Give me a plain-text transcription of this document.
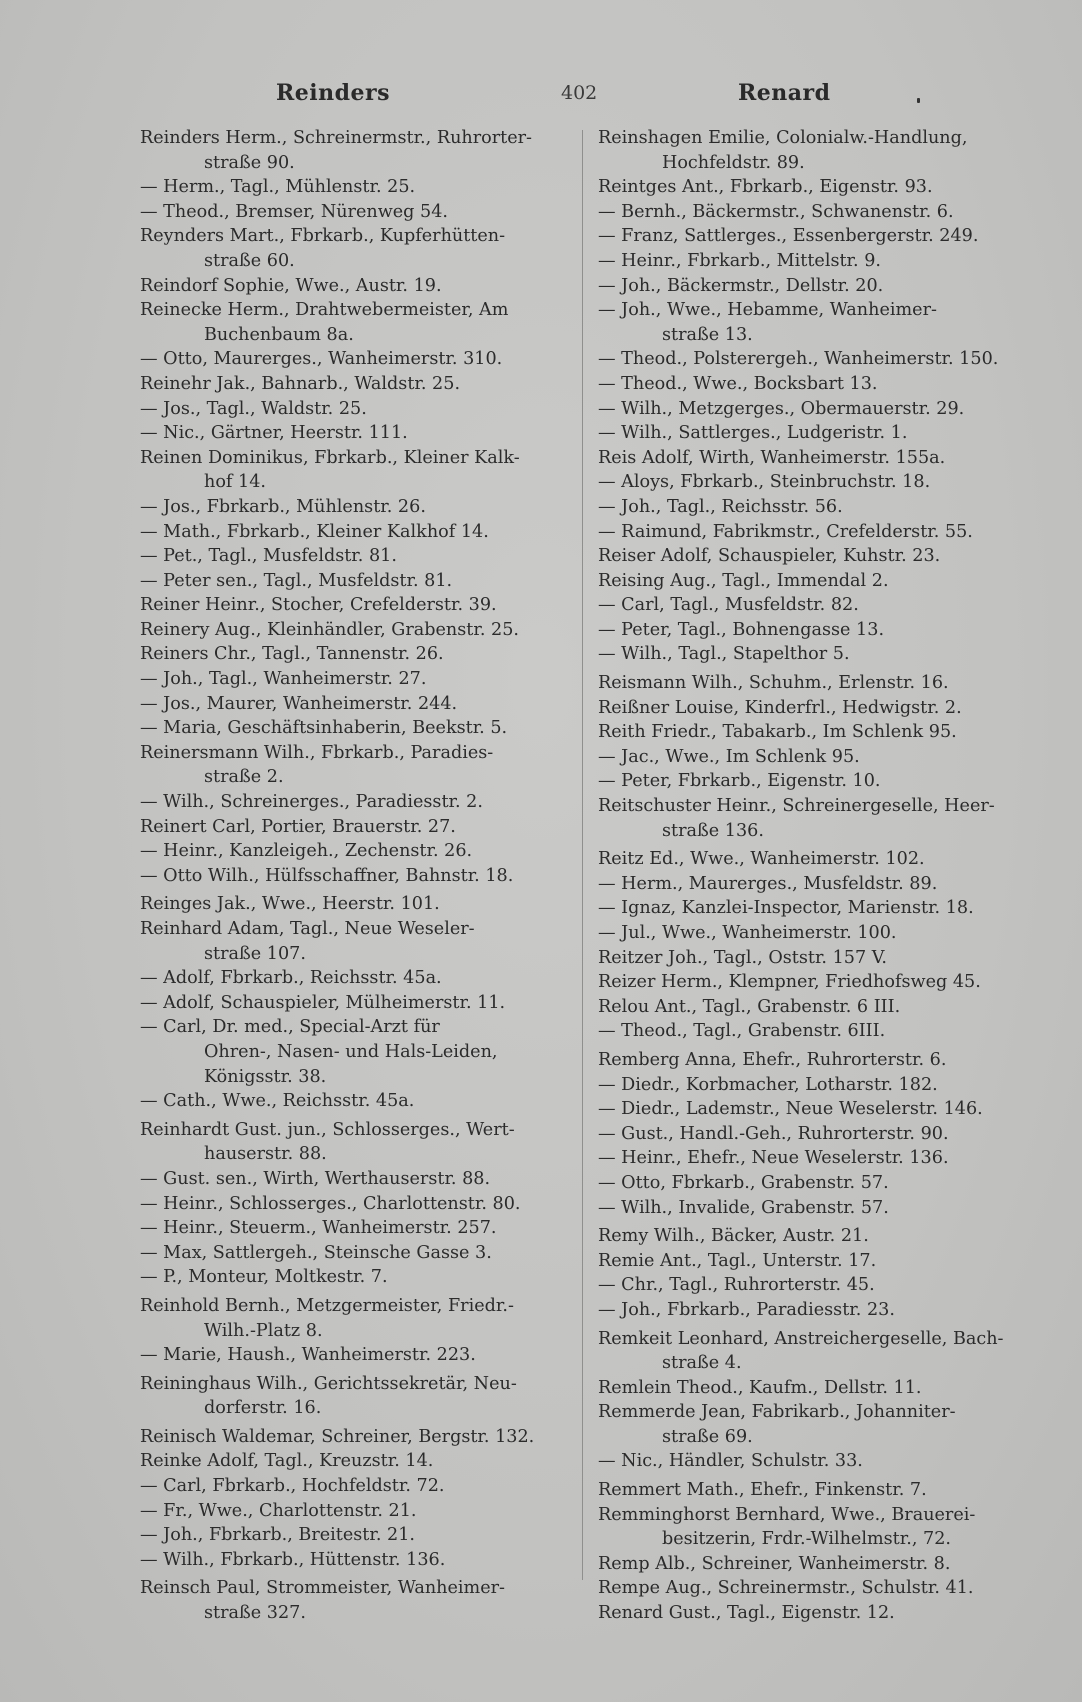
Reinders	402	Renard
Reinders Herm., Schreinermstr., Ruhrorter-
straße 90.
— Herm., Tagl., Mühlenstr. 25.
— Theod., Bremser, Nürenweg 54.
Reynders Mart., Fbrkarb., Kupferhütten-
straße 60.
Reindorf Sophie, Wwe., Austr. 19.
Reinecke Herm., Drahtwebermeister, Am
Buchenbaum 8a.
— Otto, Maurerges., Wanheimerstr. 310.
Reinehr Jak., Bahnarb., Waldstr. 25.
— Jos., Tagl., Waldstr. 25.
— Nic., Gärtner, Heerstr. 111.
Reinen Dominikus, Fbrkarb., Kleiner Kalk-
hof 14.
— Jos., Fbrkarb., Mühlenstr. 26.
— Math., Fbrkarb., Kleiner Kalkhof 14.
— Pet., Tagl., Musfeldstr. 81.
— Peter sen., Tagl., Musfeldstr. 81.
Reiner Heinr., Stocher, Crefelderstr. 39.
Reinery Aug., Kleinhändler, Grabenstr. 25.
Reiners Chr., Tagl., Tannenstr. 26.
— Joh., Tagl., Wanheimerstr. 27.
— Jos., Maurer, Wanheimerstr. 244.
— Maria, Geschäftsinhaberin, Beekstr. 5.
Reinersmann Wilh., Fbrkarb., Paradies-
straße 2.
— Wilh., Schreinerges., Paradiesstr. 2.
Reinert Carl, Portier, Brauerstr. 27.
— Heinr., Kanzleigeh., Zechenstr. 26.
— Otto Wilh., Hülfsschaffner, Bahnstr. 18.
Reinges Jak., Wwe., Heerstr. 101.
Reinhard Adam, Tagl., Neue Weseler-
straße 107.
— Adolf, Fbrkarb., Reichsstr. 45a.
— Adolf, Schauspieler, Mülheimerstr. 11.
— Carl, Dr. med., Special-Arzt für
Ohren-, Nasen- und Hals-Leiden,
Königsstr. 38.
— Cath., Wwe., Reichsstr. 45a.
Reinhardt Gust. jun., Schlosserges., Wert-
hauserstr. 88.
— Gust. sen., Wirth, Werthauserstr. 88.
— Heinr., Schlosserges., Charlottenstr. 80.
— Heinr., Steuerm., Wanheimerstr. 257.
— Max, Sattlergeh., Steinsche Gasse 3.
— P., Monteur, Moltkestr. 7.
Reinhold Bernh., Metzgermeister, Friedr.-
Wilh.-Platz 8.
— Marie, Haush., Wanheimerstr. 223.
Reininghaus Wilh., Gerichtssekretär, Neu-
dorferstr. 16.
Reinisch Waldemar, Schreiner, Bergstr. 132.
Reinke Adolf, Tagl., Kreuzstr. 14.
— Carl, Fbrkarb., Hochfeldstr. 72.
— Fr., Wwe., Charlottenstr. 21.
— Joh., Fbrkarb., Breitestr. 21.
— Wilh., Fbrkarb., Hüttenstr. 136.
Reinsch Paul, Strommeister, Wanheimer-
straße 327.
Reinshagen Emilie, Colonialw.-Handlung,
Hochfeldstr. 89.
Reintges Ant., Fbrkarb., Eigenstr. 93.
— Bernh., Bäckermstr., Schwanenstr. 6.
— Franz, Sattlerges., Essenbergerstr. 249.
— Heinr., Fbrkarb., Mittelstr. 9.
— Joh., Bäckermstr., Dellstr. 20.
— Joh., Wwe., Hebamme, Wanheimer-
straße 13.
— Theod., Polsterergeh., Wanheimerstr. 150.
— Theod., Wwe., Bocksbart 13.
— Wilh., Metzgerges., Obermauerstr. 29.
— Wilh., Sattlerges., Ludgeristr. 1.
Reis Adolf, Wirth, Wanheimerstr. 155a.
— Aloys, Fbrkarb., Steinbruchstr. 18.
— Joh., Tagl., Reichsstr. 56.
— Raimund, Fabrikmstr., Crefelderstr. 55.
Reiser Adolf, Schauspieler, Kuhstr. 23.
Reising Aug., Tagl., Immendal 2.
— Carl, Tagl., Musfeldstr. 82.
— Peter, Tagl., Bohnengasse 13.
— Wilh., Tagl., Stapelthor 5.
Reismann Wilh., Schuhm., Erlenstr. 16.
Reißner Louise, Kinderfrl., Hedwigstr. 2.
Reith Friedr., Tabakarb., Im Schlenk 95.
— Jac., Wwe., Im Schlenk 95.
— Peter, Fbrkarb., Eigenstr. 10.
Reitschuster Heinr., Schreinergeselle, Heer-
straße 136.
Reitz Ed., Wwe., Wanheimerstr. 102.
— Herm., Maurerges., Musfeldstr. 89.
— Ignaz, Kanzlei-Inspector, Marienstr. 18.
— Jul., Wwe., Wanheimerstr. 100.
Reitzer Joh., Tagl., Oststr. 157 V.
Reizer Herm., Klempner, Friedhofsweg 45.
Relou Ant., Tagl., Grabenstr. 6 III.
— Theod., Tagl., Grabenstr. 6III.
Remberg Anna, Ehefr., Ruhrorterstr. 6.
— Diedr., Korbmacher, Lotharstr. 182.
— Diedr., Lademstr., Neue Weselerstr. 146.
— Gust., Handl.-Geh., Ruhrorterstr. 90.
— Heinr., Ehefr., Neue Weselerstr. 136.
— Otto, Fbrkarb., Grabenstr. 57.
— Wilh., Invalide, Grabenstr. 57.
Remy Wilh., Bäcker, Austr. 21.
Remie Ant., Tagl., Unterstr. 17.
— Chr., Tagl., Ruhrorterstr. 45.
— Joh., Fbrkarb., Paradiesstr. 23.
Remkeit Leonhard, Anstreichergeselle, Bach-
straße 4.
Remlein Theod., Kaufm., Dellstr. 11.
Remmerde Jean, Fabrikarb., Johanniter-
straße 69.
— Nic., Händler, Schulstr. 33.
Remmert Math., Ehefr., Finkenstr. 7.
Remminghorst Bernhard, Wwe., Brauerei-
besitzerin, Frdr.-Wilhelmstr., 72.
Remp Alb., Schreiner, Wanheimerstr. 8.
Rempe Aug., Schreinermstr., Schulstr. 41.
Renard Gust., Tagl., Eigenstr. 12.
